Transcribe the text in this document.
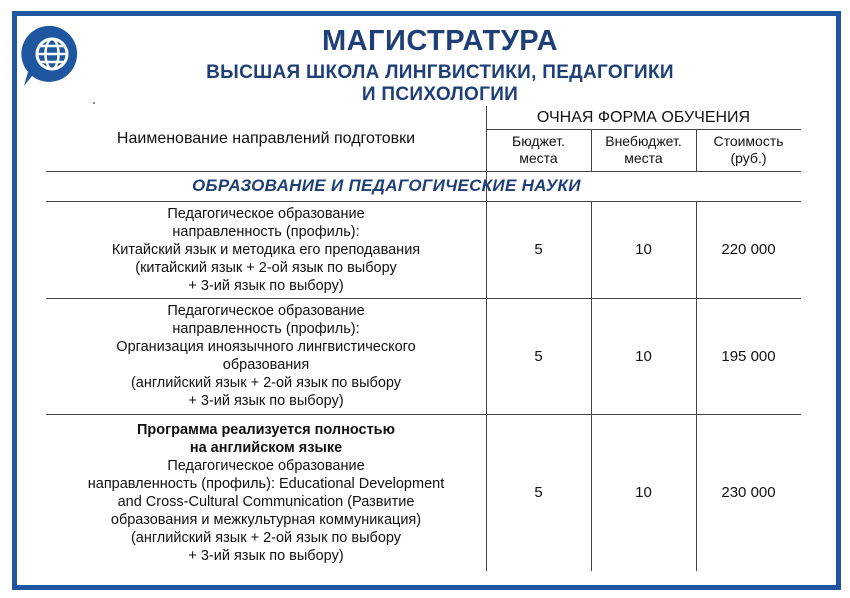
МАГИСТРАТУРА
ВЫСШАЯ ШКОЛА ЛИНГВИСТИКИ, ПЕДАГОГИКИ
И ПСИХОЛОГИИ
Наименование направлений подготовки
ОЧНАЯ ФОРМА ОБУЧЕНИЯ
Бюджет.
места
Внебюджет.
места
Стоимость
(руб.)
ОБРАЗОВАНИЕ И ПЕДАГОГИЧЕСКИЕ НАУКИ
Педагогическое образование
направленность (профиль):
Китайский язык и методика его преподавания
(китайский язык + 2-ой язык по выбору
+ 3-ий язык по выбору)
5	10	220 000
Педагогическое образование
направленность (профиль):
Организация иноязычного лингвистического
образования
(английский язык + 2-ой язык по выбору
+ 3-ий язык по выбору)
5	10	195 000
Программа реализуется полностью
на английском языке
Педагогическое образование
направленность (профиль): Educational Development
and Cross-Cultural Communication (Развитие
образования и межкультурная коммуникация)
(английский язык + 2-ой язык по выбору
+ 3-ий язык по выбору)
5	10	230 000
